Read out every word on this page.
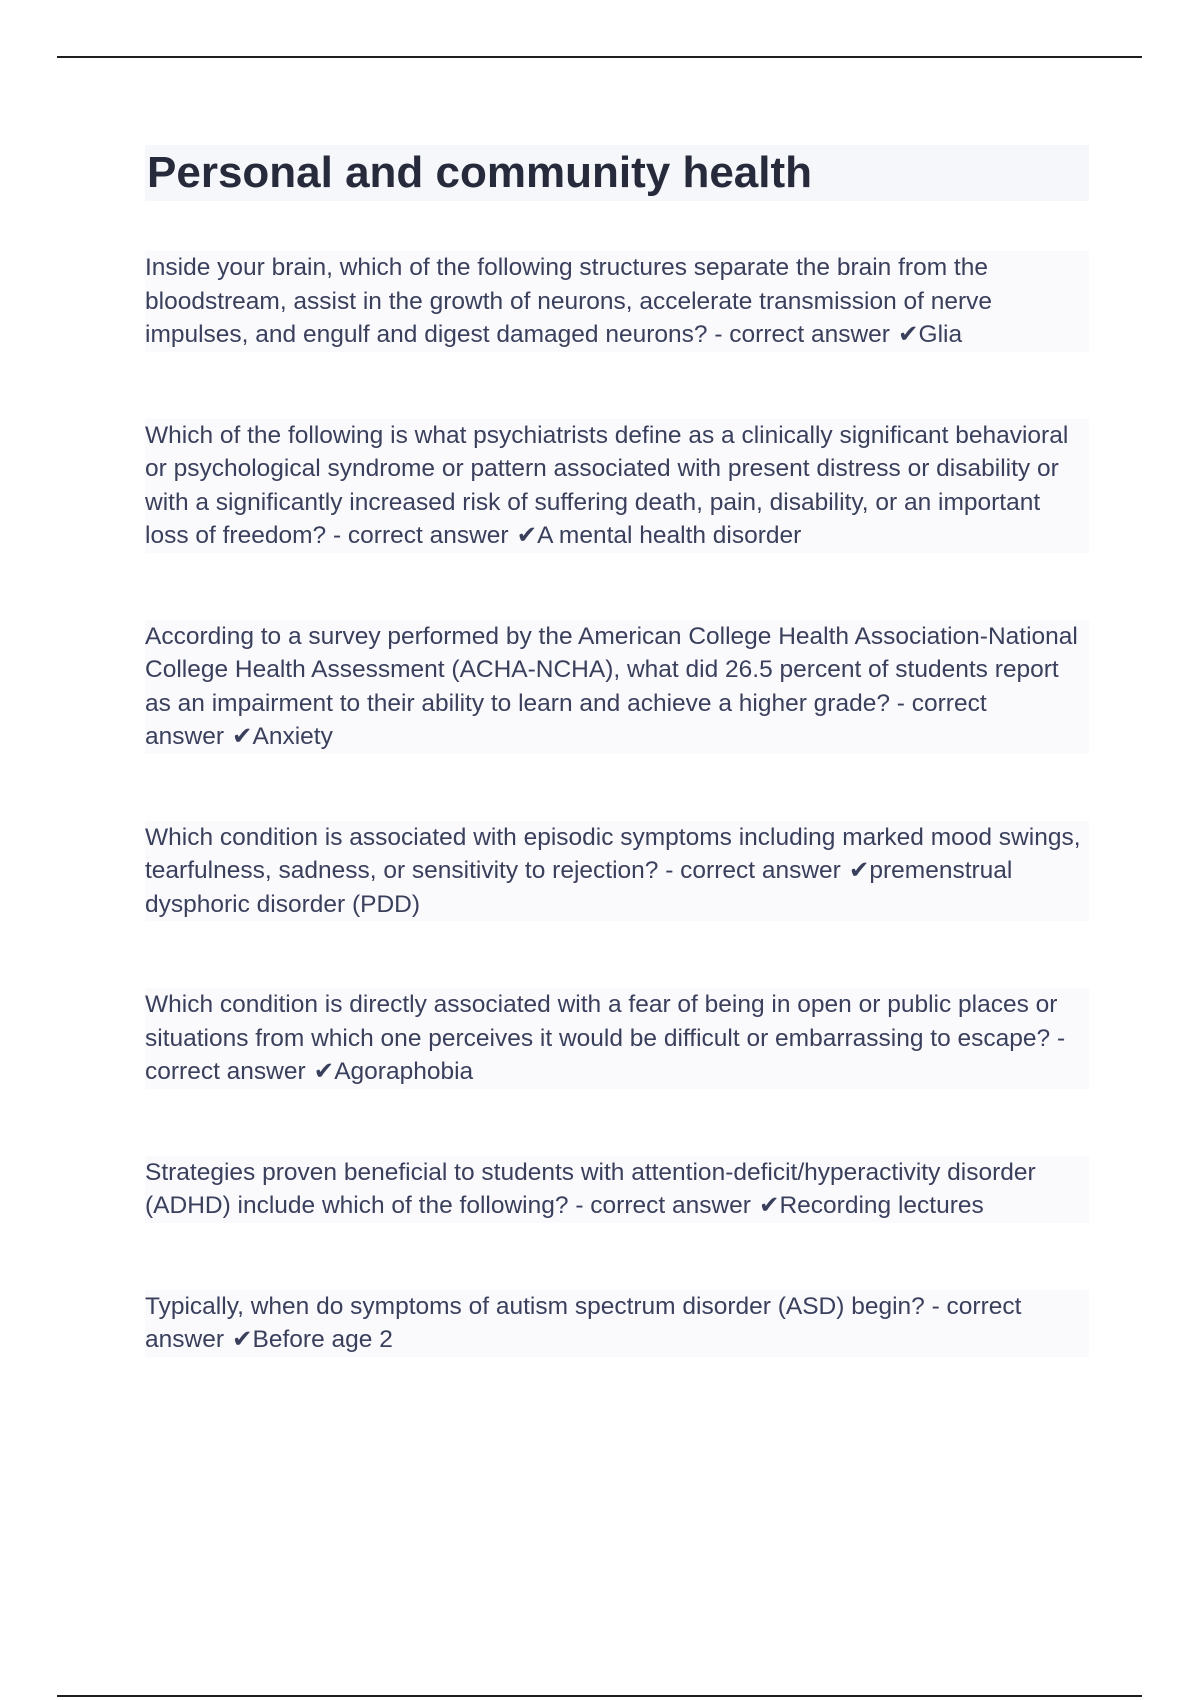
Personal and community health

Inside your brain, which of the following structures separate the brain from the bloodstream, assist in the growth of neurons, accelerate transmission of nerve impulses, and engulf and digest damaged neurons? - correct answer ✔Glia

Which of the following is what psychiatrists define as a clinically significant behavioral or psychological syndrome or pattern associated with present distress or disability or with a significantly increased risk of suffering death, pain, disability, or an important loss of freedom? - correct answer ✔A mental health disorder

According to a survey performed by the American College Health Association-National College Health Assessment (ACHA-NCHA), what did 26.5 percent of students report as an impairment to their ability to learn and achieve a higher grade? - correct answer ✔Anxiety

Which condition is associated with episodic symptoms including marked mood swings, tearfulness, sadness, or sensitivity to rejection? - correct answer ✔premenstrual dysphoric disorder (PDD)

Which condition is directly associated with a fear of being in open or public places or situations from which one perceives it would be difficult or embarrassing to escape? - correct answer ✔Agoraphobia

Strategies proven beneficial to students with attention-deficit/hyperactivity disorder (ADHD) include which of the following? - correct answer ✔Recording lectures

Typically, when do symptoms of autism spectrum disorder (ASD) begin? - correct answer ✔Before age 2
